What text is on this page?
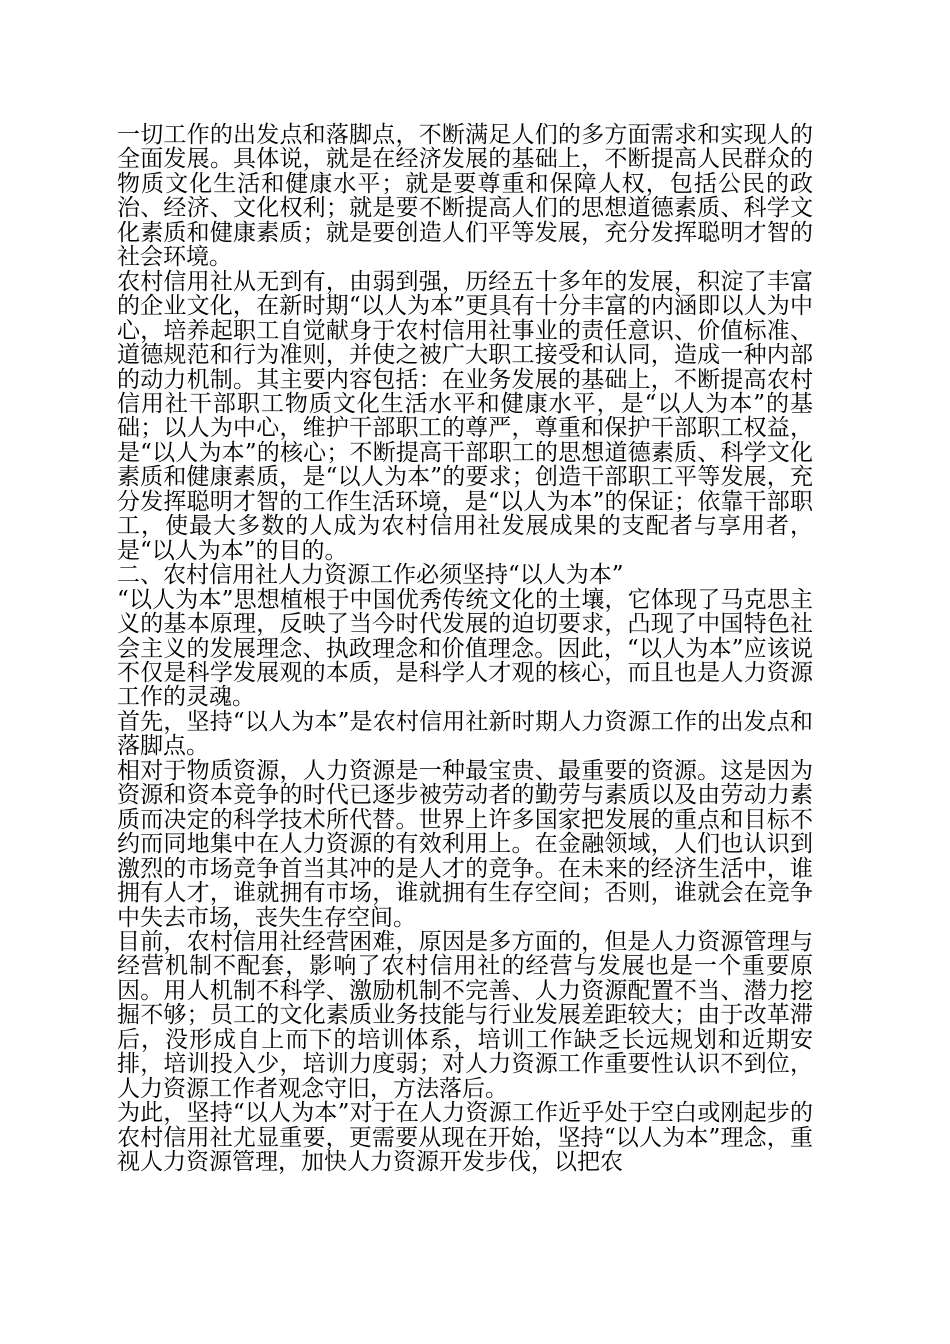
一切工作的出发点和落脚点，不断满足人们的多方面需求和实现人的全面发展。具体说，就是在经济发展的基础上，不断提高人民群众的物质文化生活和健康水平；就是要尊重和保障人权，包括公民的政治、经济、文化权利；就是要不断提高人们的思想道德素质、科学文化素质和健康素质；就是要创造人们平等发展，充分发挥聪明才智的社会环境。

农村信用社从无到有，由弱到强，历经五十多年的发展，积淀了丰富的企业文化，在新时期“以人为本”更具有十分丰富的内涵即以人为中心，培养起职工自觉献身于农村信用社事业的责任意识、价值标准、道德规范和行为准则，并使之被广大职工接受和认同，造成一种内部的动力机制。其主要内容包括：在业务发展的基础上，不断提高农村信用社干部职工物质文化生活水平和健康水平，是“以人为本”的基础；以人为中心，维护干部职工的尊严，尊重和保护干部职工权益，是“以人为本”的核心；不断提高干部职工的思想道德素质、科学文化素质和健康素质，是“以人为本”的要求；创造干部职工平等发展，充分发挥聪明才智的工作生活环境，是“以人为本”的保证；依靠干部职工，使最大多数的人成为农村信用社发展成果的支配者与享用者，是“以人为本”的目的。

二、农村信用社人力资源工作必须坚持“以人为本”

“以人为本”思想植根于中国优秀传统文化的土壤，它体现了马克思主义的基本原理，反映了当今时代发展的迫切要求，凸现了中国特色社会主义的发展理念、执政理念和价值理念。因此，“以人为本”应该说不仅是科学发展观的本质，是科学人才观的核心，而且也是人力资源工作的灵魂。

首先，坚持“以人为本”是农村信用社新时期人力资源工作的出发点和落脚点。

相对于物质资源，人力资源是一种最宝贵、最重要的资源。这是因为资源和资本竞争的时代已逐步被劳动者的勤劳与素质以及由劳动力素质而决定的科学技术所代替。世界上许多国家把发展的重点和目标不约而同地集中在人力资源的有效利用上。在金融领域，人们也认识到激烈的市场竞争首当其冲的是人才的竞争。在未来的经济生活中，谁拥有人才，谁就拥有市场，谁就拥有生存空间；否则，谁就会在竞争中失去市场，丧失生存空间。

目前，农村信用社经营困难，原因是多方面的，但是人力资源管理与经营机制不配套，影响了农村信用社的经营与发展也是一个重要原因。用人机制不科学、激励机制不完善、人力资源配置不当、潜力挖掘不够；员工的文化素质业务技能与行业发展差距较大；由于改革滞后，没形成自上而下的培训体系，培训工作缺乏长远规划和近期安排，培训投入少，培训力度弱；对人力资源工作重要性认识不到位，人力资源工作者观念守旧，方法落后。

为此，坚持“以人为本”对于在人力资源工作近乎处于空白或刚起步的农村信用社尤显重要，更需要从现在开始，坚持“以人为本”理念，重视人力资源管理，加快人力资源开发步伐，以把农
